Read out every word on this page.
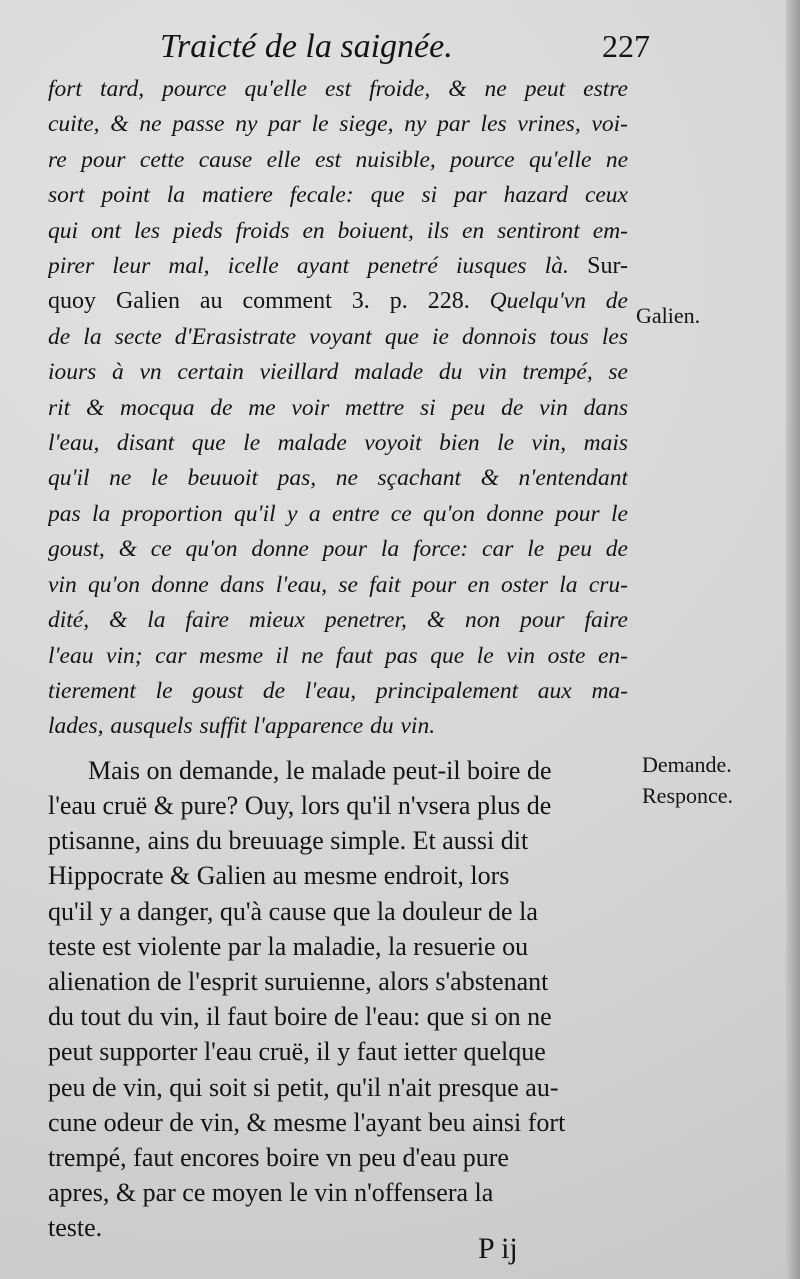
Traicté de la saignée.	227
fort tard, pource qu'elle est froide, & ne peut estre
cuite, & ne passe ny par le siege, ny par les vrines, voi-
re pour cette cause elle est nuisible, pource qu'elle ne
sort point la matiere fecale: que si par hazard ceux
qui ont les pieds froids en boiuent, ils en sentiront em-
pirer leur mal, icelle ayant penetré iusques là. Sur-
quoy Galien au comment 3. p. 228. Quelqu'vn de
de la secte d'Erasistrate voyant que ie donnois tous les
iours à vn certain vieillard malade du vin trempé, se
rit & mocqua de me voir mettre si peu de vin dans
l'eau, disant que le malade voyoit bien le vin, mais
qu'il ne le beuuoit pas, ne sçachant & n'entendant
pas la proportion qu'il y a entre ce qu'on donne pour le
goust, & ce qu'on donne pour la force: car le peu de
vin qu'on donne dans l'eau, se fait pour en oster la cru-
dité, & la faire mieux penetrer, & non pour faire
l'eau vin; car mesme il ne faut pas que le vin oste en-
tierement le goust de l'eau, principalement aux ma-
lades, ausquels suffit l'apparence du vin.
Mais on demande, le malade peut-il boire de
l'eau cruë & pure? Ouy, lors qu'il n'vsera plus de
ptisanne, ains du breuuage simple. Et aussi dit
Hippocrate & Galien au mesme endroit, lors
qu'il y a danger, qu'à cause que la douleur de la
teste est violente par la maladie, la resuerie ou
alienation de l'esprit suruienne, alors s'abstenant
du tout du vin, il faut boire de l'eau: que si on ne
peut supporter l'eau cruë, il y faut ietter quelque
peu de vin, qui soit si petit, qu'il n'ait presque au-
cune odeur de vin, & mesme l'ayant beu ainsi fort
trempé, faut encores boire vn peu d'eau pure
apres, & par ce moyen le vin n'offensera la
teste.
Galien.
Demande.
Responce.
P ij
